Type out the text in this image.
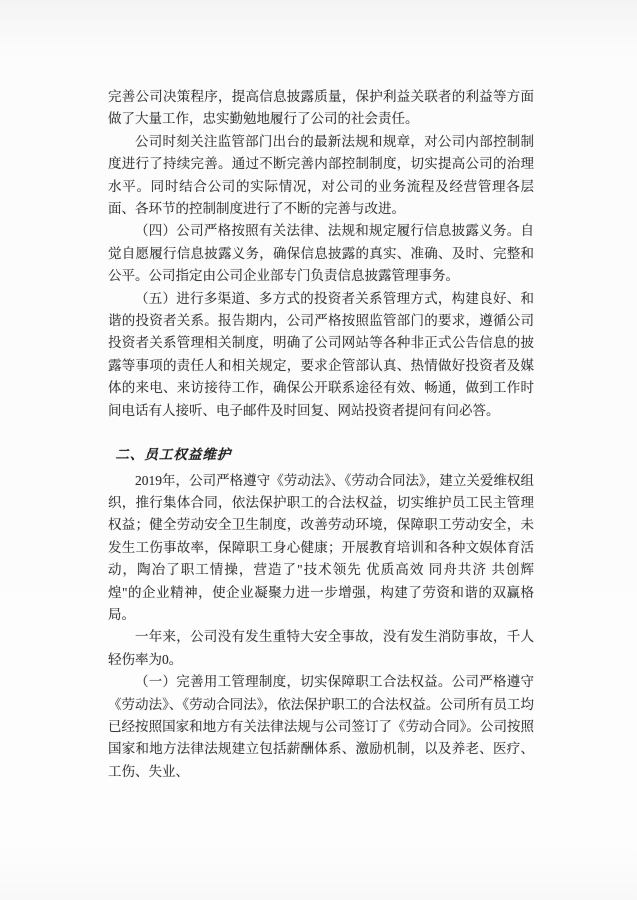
完善公司决策程序，提高信息披露质量，保护利益关联者的利益等方面做了大量工作，忠实勤勉地履行了公司的社会责任。

公司时刻关注监管部门出台的最新法规和规章，对公司内部控制制度进行了持续完善。通过不断完善内部控制制度，切实提高公司的治理水平。同时结合公司的实际情况，对公司的业务流程及经营管理各层面、各环节的控制制度进行了不断的完善与改进。

（四）公司严格按照有关法律、法规和规定履行信息披露义务。自觉自愿履行信息披露义务，确保信息披露的真实、准确、及时、完整和公平。公司指定由公司企业部专门负责信息披露管理事务。

（五）进行多渠道、多方式的投资者关系管理方式，构建良好、和谐的投资者关系。报告期内，公司严格按照监管部门的要求，遵循公司投资者关系管理相关制度，明确了公司网站等各种非正式公告信息的披露等事项的责任人和相关规定，要求企管部认真、热情做好投资者及媒体的来电、来访接待工作，确保公开联系途径有效、畅通，做到工作时间电话有人接听、电子邮件及时回复、网站投资者提问有问必答。

二、员工权益维护

2019年，公司严格遵守《劳动法》、《劳动合同法》，建立关爱维权组织，推行集体合同，依法保护职工的合法权益，切实维护员工民主管理权益；健全劳动安全卫生制度，改善劳动环境，保障职工劳动安全，未发生工伤事故率，保障职工身心健康；开展教育培训和各种文娱体育活动，陶冶了职工情操，营造了"技术领先 优质高效 同舟共济 共创辉煌"的企业精神，使企业凝聚力进一步增强，构建了劳资和谐的双赢格局。

一年来，公司没有发生重特大安全事故，没有发生消防事故，千人轻伤率为0。

（一）完善用工管理制度，切实保障职工合法权益。公司严格遵守《劳动法》、《劳动合同法》，依法保护职工的合法权益。公司所有员工均已经按照国家和地方有关法律法规与公司签订了《劳动合同》。公司按照国家和地方法律法规建立包括薪酬体系、激励机制，以及养老、医疗、工伤、失业、
